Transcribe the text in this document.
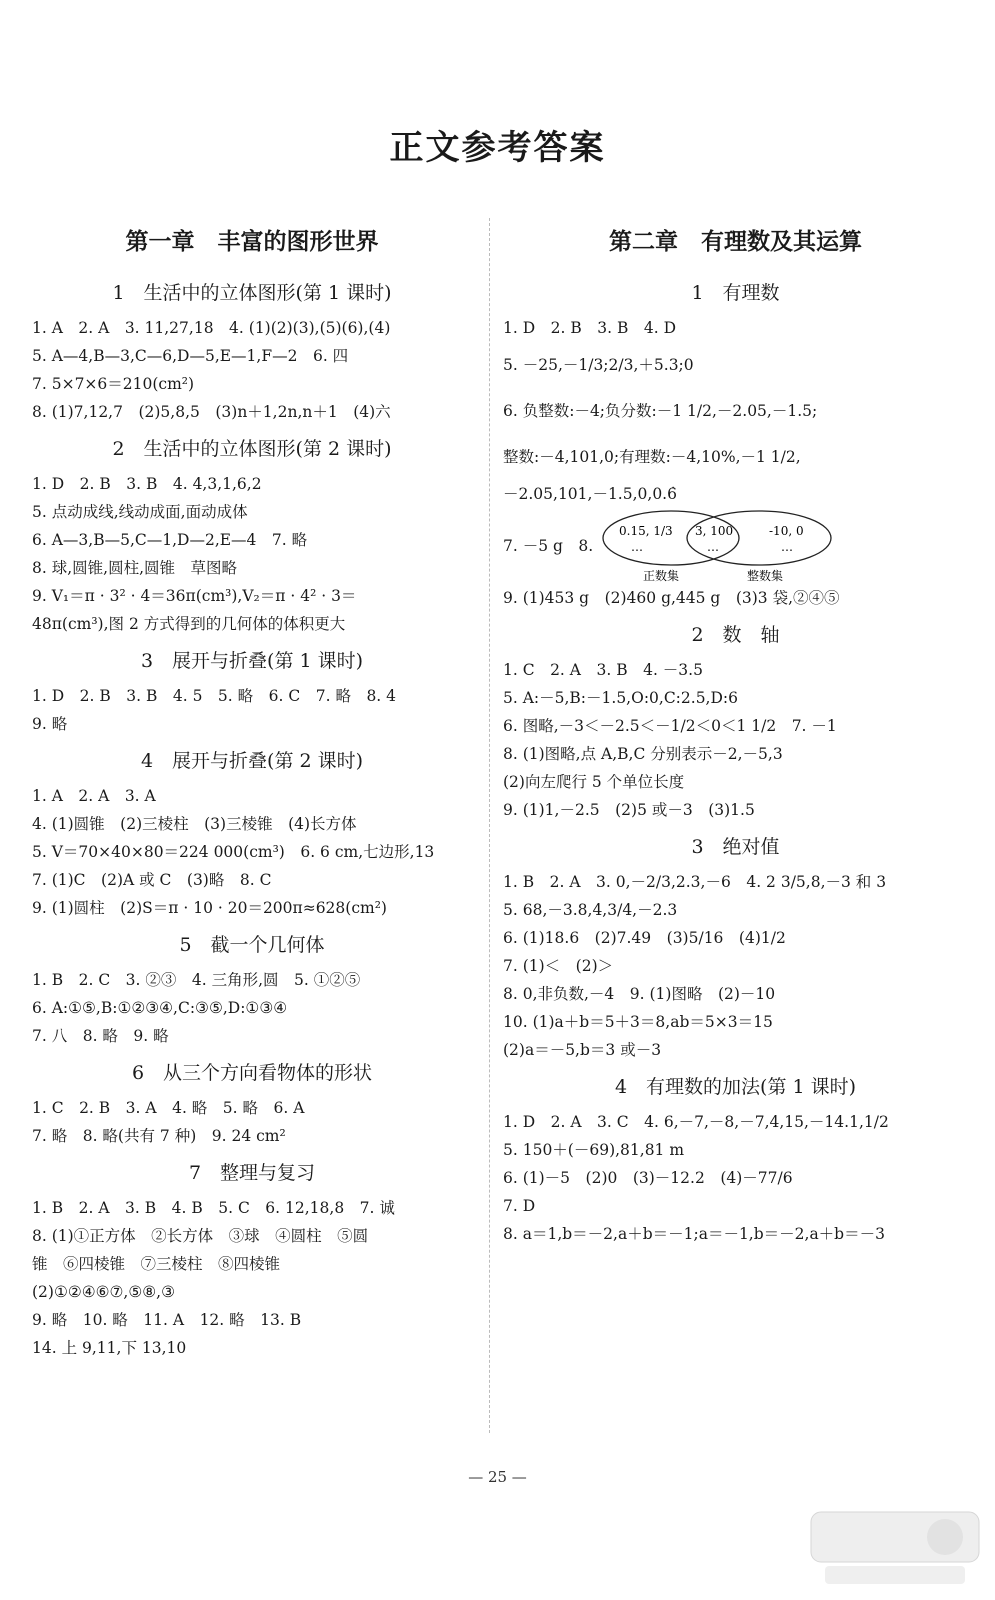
正文参考答案
第一章　丰富的图形世界
1　生活中的立体图形(第 1 课时)
1. A　2. A　3. 11,27,18　4. (1)(2)(3),(5)(6),(4)
5. A—4,B—3,C—6,D—5,E—1,F—2　6. 四
7. 5×7×6＝210(cm²)
8. (1)7,12,7　(2)5,8,5　(3)n＋1,2n,n＋1　(4)六
2　生活中的立体图形(第 2 课时)
1. D　2. B　3. B　4. 4,3,1,6,2
5. 点动成线,线动成面,面动成体
6. A—3,B—5,C—1,D—2,E—4　7. 略
8. 球,圆锥,圆柱,圆锥　草图略
9. V₁＝π · 3² · 4＝36π(cm³),V₂＝π · 4² · 3＝
48π(cm³),图 2 方式得到的几何体的体积更大
3　展开与折叠(第 1 课时)
1. D　2. B　3. B　4. 5　5. 略　6. C　7. 略　8. 4
9. 略
4　展开与折叠(第 2 课时)
1. A　2. A　3. A
4. (1)圆锥　(2)三棱柱　(3)三棱锥　(4)长方体
5. V＝70×40×80＝224 000(cm³)　6. 6 cm,七边形,13
7. (1)C　(2)A 或 C　(3)略　8. C
9. (1)圆柱　(2)S＝π · 10 · 20＝200π≈628(cm²)
5　截一个几何体
1. B　2. C　3. ②③　4. 三角形,圆　5. ①②⑤
6. A:①⑤,B:①②③④,C:③⑤,D:①③④
7. 八　8. 略　9. 略
6　从三个方向看物体的形状
1. C　2. B　3. A　4. 略　5. 略　6. A
7. 略　8. 略(共有 7 种)　9. 24 cm²
7　整理与复习
1. B　2. A　3. B　4. B　5. C　6. 12,18,8　7. 诚
8. (1)①正方体　②长方体　③球　④圆柱　⑤圆
锥　⑥四棱锥　⑦三棱柱　⑧四棱锥
(2)①②④⑥⑦,⑤⑧,③
9. 略　10. 略　11. A　12. 略　13. B
14. 上 9,11,下 13,10
第二章　有理数及其运算
1　有理数
1. D　2. B　3. B　4. D
5. －25,－1/3;2/3,＋5.3;0
6. 负整数:－4;负分数:－1 1/2,－2.05,－1.5;
整数:－4,101,0;有理数:－4,10%,－1 1/2,
－2.05,101,－1.5,0,0.6̇
7. －5 g　8.
0.15, 1/3
…
3, 100
…
-10, 0
…
正数集	整数集
9. (1)453 g　(2)460 g,445 g　(3)3 袋,②④⑤
2　数　轴
1. C　2. A　3. B　4. －3.5
5. A:－5,B:－1.5,O:0,C:2.5,D:6
6. 图略,－3＜－2.5＜－1/2＜0＜1 1/2　7. －1
8. (1)图略,点 A,B,C 分别表示－2,－5,3
(2)向左爬行 5 个单位长度
9. (1)1,－2.5　(2)5 或－3　(3)1.5
3　绝对值
1. B　2. A　3. 0,－2/3,2.3,－6　4. 2 3/5,8,－3 和 3
5. 68,－3.8,4,3/4,－2.3
6. (1)18.6　(2)7.49　(3)5/16　(4)1/2
7. (1)＜　(2)＞
8. 0,非负数,－4　9. (1)图略　(2)－10
10. (1)a＋b＝5＋3＝8,ab＝5×3＝15
(2)a＝－5,b＝3 或－3
4　有理数的加法(第 1 课时)
1. D　2. A　3. C　4. 6,－7,－8,－7,4,15,－14.1,1/2
5. 150＋(－69),81,81 m
6. (1)－5　(2)0　(3)－12.2　(4)－77/6
7. D
8. a＝1,b＝－2,a＋b＝－1;a＝－1,b＝－2,a＋b＝－3
— 25 —
